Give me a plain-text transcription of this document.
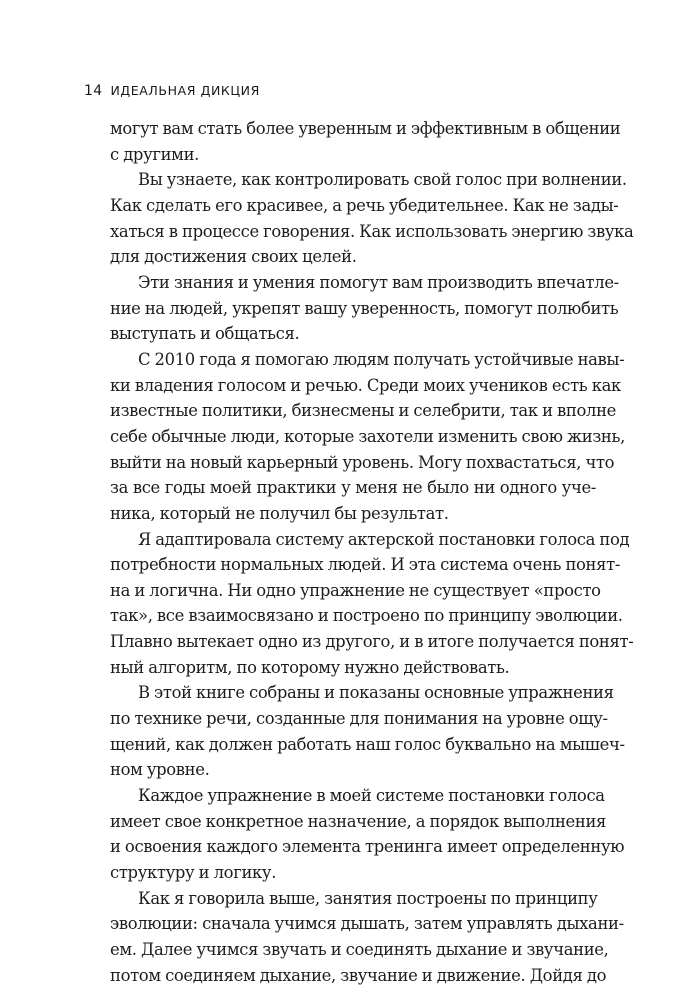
14 ИДЕАЛЬНАЯ ДИКЦИЯ
могут вам стать более уверенным и эффективным в общении
с другими.
Вы узнаете, как контролировать свой голос при волнении.
Как сделать его красивее, а речь убедительнее. Как не зады-
хаться в процессе говорения. Как использовать энергию звука
для достижения своих целей.
Эти знания и умения помогут вам производить впечатле-
ние на людей, укрепят вашу уверенность, помогут полюбить
выступать и общаться.
С 2010 года я помогаю людям получать устойчивые навы-
ки владения голосом и речью. Среди моих учеников есть как
известные политики, бизнесмены и селебрити, так и вполне
себе обычные люди, которые захотели изменить свою жизнь,
выйти на новый карьерный уровень. Могу похвастаться, что
за все годы моей практики у меня не было ни одного уче-
ника, который не получил бы результат.
Я адаптировала систему актерской постановки голоса под
потребности нормальных людей. И эта система очень понят-
на и логична. Ни одно упражнение не существует «просто
так», все взаимосвязано и построено по принципу эволюции.
Плавно вытекает одно из другого, и в итоге получается понят-
ный алгоритм, по которому нужно действовать.
В этой книге собраны и показаны основные упражнения
по технике речи, созданные для понимания на уровне ощу-
щений, как должен работать наш голос буквально на мышеч-
ном уровне.
Каждое упражнение в моей системе постановки голоса
имеет свое конкретное назначение, а порядок выполнения
и освоения каждого элемента тренинга имеет определенную
структуру и логику.
Как я говорила выше, занятия построены по принципу
эволюции: сначала учимся дышать, затем управлять дыхани-
ем. Далее учимся звучать и соединять дыхание и звучание,
потом соединяем дыхание, звучание и движение. Дойдя до
